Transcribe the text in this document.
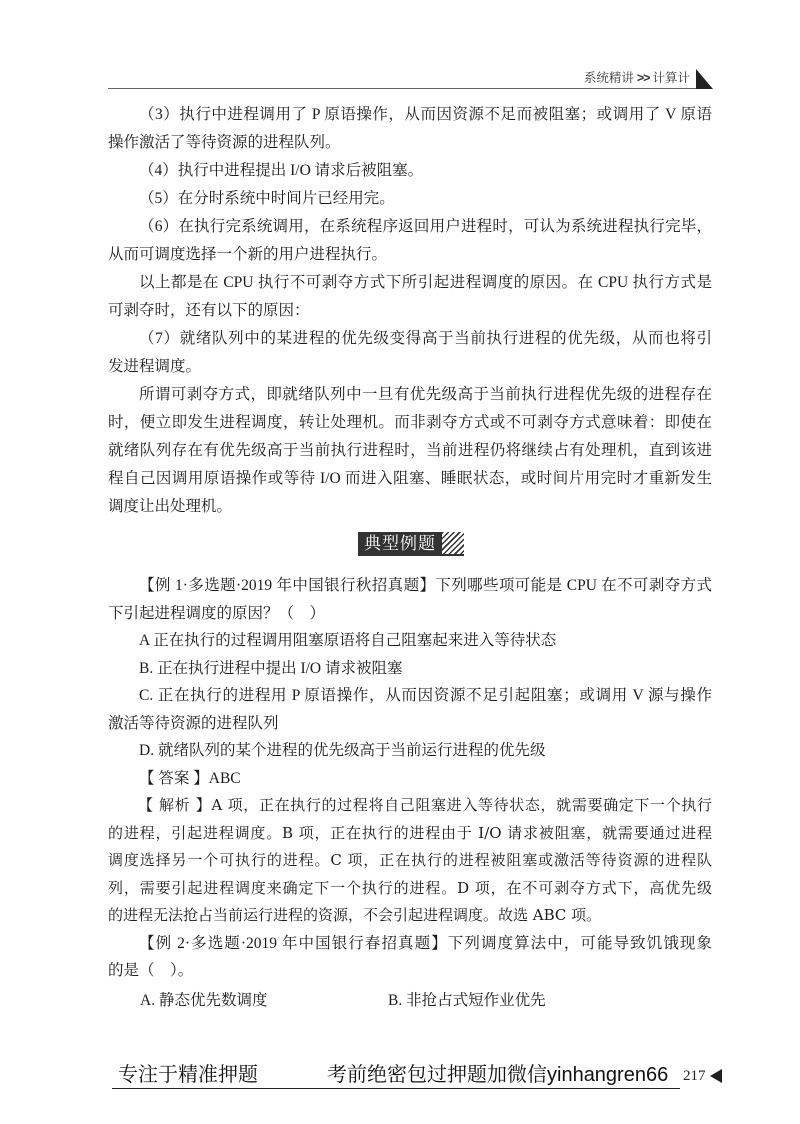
系统精讲 >> 计算计

（3）执行中进程调用了 P 原语操作，从而因资源不足而被阻塞；或调用了 V 原语
操作激活了等待资源的进程队列。

（4）执行中进程提出 I/O 请求后被阻塞。

（5）在分时系统中时间片已经用完。

（6）在执行完系统调用，在系统程序返回用户进程时，可认为系统进程执行完毕，
从而可调度选择一个新的用户进程执行。

以上都是在 CPU 执行不可剥夺方式下所引起进程调度的原因。在 CPU 执行方式是
可剥夺时，还有以下的原因：

（7）就绪队列中的某进程的优先级变得高于当前执行进程的优先级，从而也将引
发进程调度。

所谓可剥夺方式，即就绪队列中一旦有优先级高于当前执行进程优先级的进程存在
时，便立即发生进程调度，转让处理机。而非剥夺方式或不可剥夺方式意味着：即使在
就绪队列存在有优先级高于当前执行进程时，当前进程仍将继续占有处理机，直到该进
程自己因调用原语操作或等待 I/O 而进入阻塞、睡眠状态，或时间片用完时才重新发生
调度让出处理机。

典型例题

【例 1·多选题·2019 年中国银行秋招真题】下列哪些项可能是 CPU 在不可剥夺方式
下引起进程调度的原因？（　）

A 正在执行的过程调用阻塞原语将自己阻塞起来进入等待状态

B. 正在执行进程中提出 I/O 请求被阻塞

C. 正在执行的进程用 P 原语操作，从而因资源不足引起阻塞；或调用 V 源与操作
激活等待资源的进程队列

D. 就绪队列的某个进程的优先级高于当前运行进程的优先级

【 答案 】ABC

【 解析 】A 项，正在执行的过程将自己阻塞进入等待状态，就需要确定下一个执行
的进程，引起进程调度。B 项，正在执行的进程由于 I/O 请求被阻塞，就需要通过进程
调度选择另一个可执行的进程。C 项，正在执行的进程被阻塞或激活等待资源的进程队
列，需要引起进程调度来确定下一个执行的进程。D 项，在不可剥夺方式下，高优先级
的进程无法抢占当前运行进程的资源，不会引起进程调度。故选 ABC 项。

【例 2·多选题·2019 年中国银行春招真题】下列调度算法中，可能导致饥饿现象
的是（　）。

A. 静态优先数调度	B. 非抢占式短作业优先
专注于精准押题	考前绝密包过押题加微信yinhangren66 217
